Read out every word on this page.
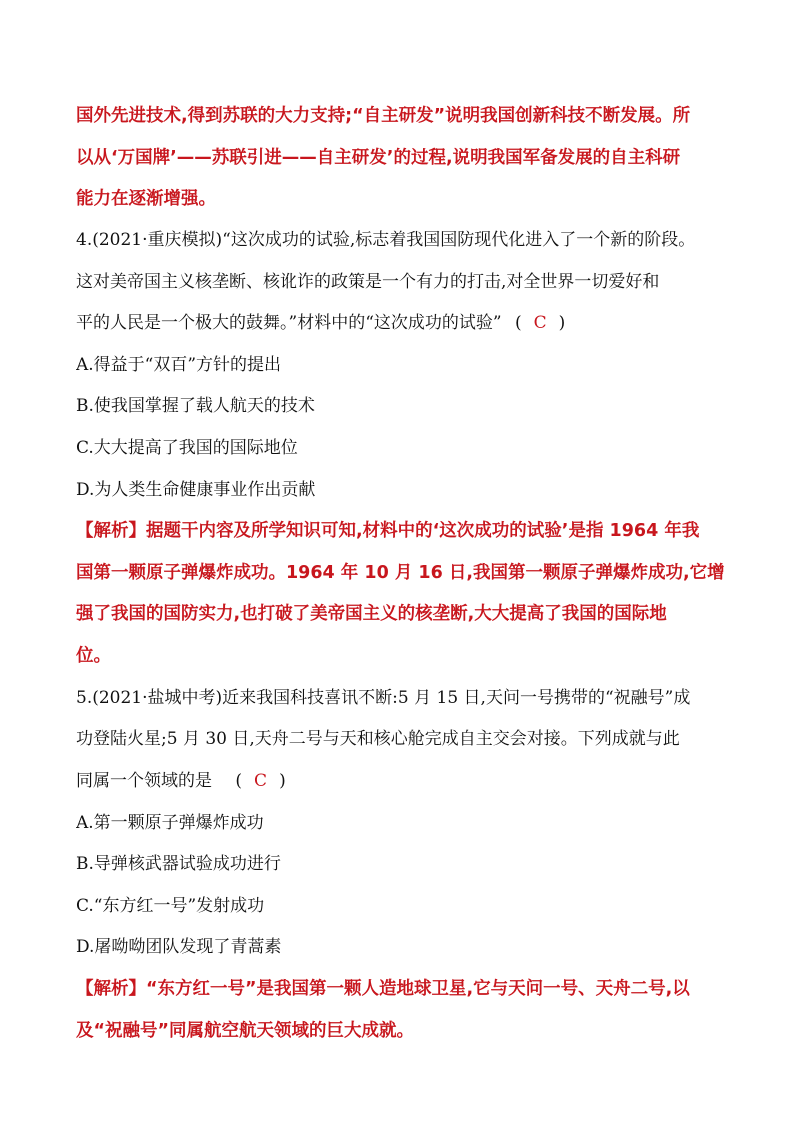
国外先进技术,得到苏联的大力支持;“自主研发”说明我国创新科技不断发展。所
以从‘万国牌’——苏联引进——自主研发’的过程,说明我国军备发展的自主科研
能力在逐渐增强。
4.(2021·重庆模拟)“这次成功的试验,标志着我国国防现代化进入了一个新的阶段。
这对美帝国主义核垄断、核讹诈的政策是一个有力的打击,对全世界一切爱好和
平的人民是一个极大的鼓舞。”材料中的“这次成功的试验” ( C )
A.得益于“双百”方针的提出
B.使我国掌握了载人航天的技术
C.大大提高了我国的国际地位
D.为人类生命健康事业作出贡献
【解析】据题干内容及所学知识可知,材料中的‘这次成功的试验’是指 1964 年我
国第一颗原子弹爆炸成功。1964 年 10 月 16 日,我国第一颗原子弹爆炸成功,它增
强了我国的国防实力,也打破了美帝国主义的核垄断,大大提高了我国的国际地
位。
5.(2021·盐城中考)近来我国科技喜讯不断:5 月 15 日,天问一号携带的“祝融号”成
功登陆火星;5 月 30 日,天舟二号与天和核心舱完成自主交会对接。下列成就与此
同属一个领域的是 ( C )
A.第一颗原子弹爆炸成功
B.导弹核武器试验成功进行
C.“东方红一号”发射成功
D.屠呦呦团队发现了青蒿素
【解析】“东方红一号”是我国第一颗人造地球卫星,它与天问一号、天舟二号,以
及“祝融号”同属航空航天领域的巨大成就。
